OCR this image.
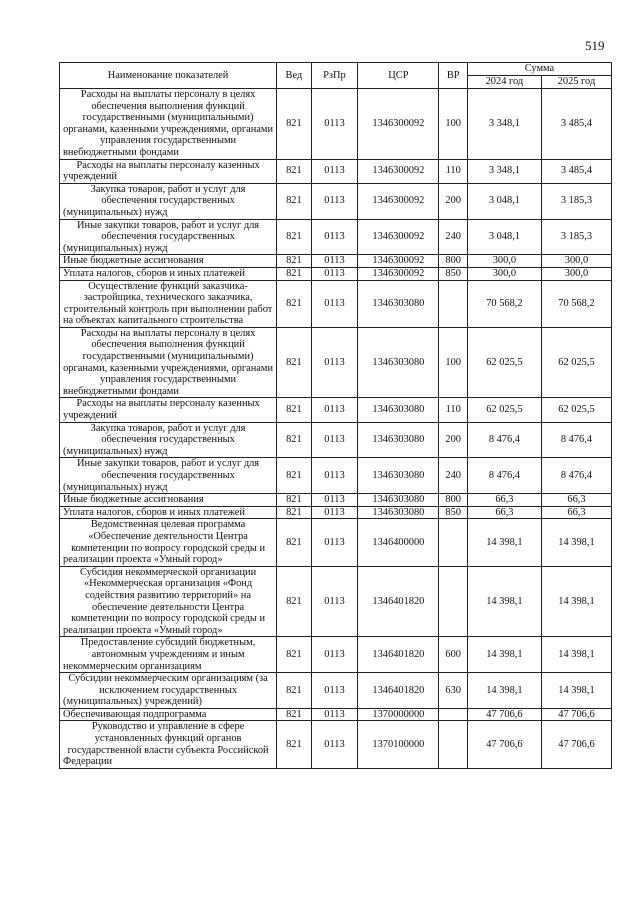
519
Наименование показателей	Вед	РзПр	ЦСР	ВР	Сумма	
					2024 год	2025 год
Расходы на выплаты персоналу в целях обеспечения выполнения функций государственными (муниципальными) органами, казенными учреждениями, органами управления государственными внебюджетными фондами	821	0113	1346300092	100	3 348,1	3 485,4
Расходы на выплаты персоналу казенных учреждений	821	0113	1346300092	110	3 348,1	3 485,4
Закупка товаров, работ и услуг для обеспечения государственных (муниципальных) нужд	821	0113	1346300092	200	3 048,1	3 185,3
Иные закупки товаров, работ и услуг для обеспечения государственных (муниципальных) нужд	821	0113	1346300092	240	3 048,1	3 185,3
Иные бюджетные ассигнования	821	0113	1346300092	800	300,0	300,0
Уплата налогов, сборов и иных платежей	821	0113	1346300092	850	300,0	300,0
Осуществление функций заказчика-застройщика, технического заказчика, строительный контроль при выполнении работ на объектах капитального строительства	821	0113	1346303080		70 568,2	70 568,2
Расходы на выплаты персоналу в целях обеспечения выполнения функций государственными (муниципальными) органами, казенными учреждениями, органами управления государственными внебюджетными фондами	821	0113	1346303080	100	62 025,5	62 025,5
Расходы на выплаты персоналу казенных учреждений	821	0113	1346303080	110	62 025,5	62 025,5
Закупка товаров, работ и услуг для обеспечения государственных (муниципальных) нужд	821	0113	1346303080	200	8 476,4	8 476,4
Иные закупки товаров, работ и услуг для обеспечения государственных (муниципальных) нужд	821	0113	1346303080	240	8 476,4	8 476,4
Иные бюджетные ассигнования	821	0113	1346303080	800	66,3	66,3
Уплата налогов, сборов и иных платежей	821	0113	1346303080	850	66,3	66,3
Ведомственная целевая программа «Обеспечение деятельности Центра компетенции по вопросу городской среды и реализации проекта «Умный город»	821	0113	1346400000		14 398,1	14 398,1
Субсидия некоммерческой организации «Некоммерческая организация «Фонд содействия развитию территорий» на обеспечение деятельности Центра компетенции по вопросу городской среды и реализации проекта «Умный город»	821	0113	1346401820		14 398,1	14 398,1
Предоставление субсидий бюджетным, автономным учреждениям и иным некоммерческим организациям	821	0113	1346401820	600	14 398,1	14 398,1
Субсидии некоммерческим организациям (за исключением государственных (муниципальных) учреждений)	821	0113	1346401820	630	14 398,1	14 398,1
Обеспечивающая подпрограмма	821	0113	1370000000		47 706,6	47 706,6
Руководство и управление в сфере установленных функций органов государственной власти субъекта Российской Федерации	821	0113	1370100000		47 706,6	47 706,6
